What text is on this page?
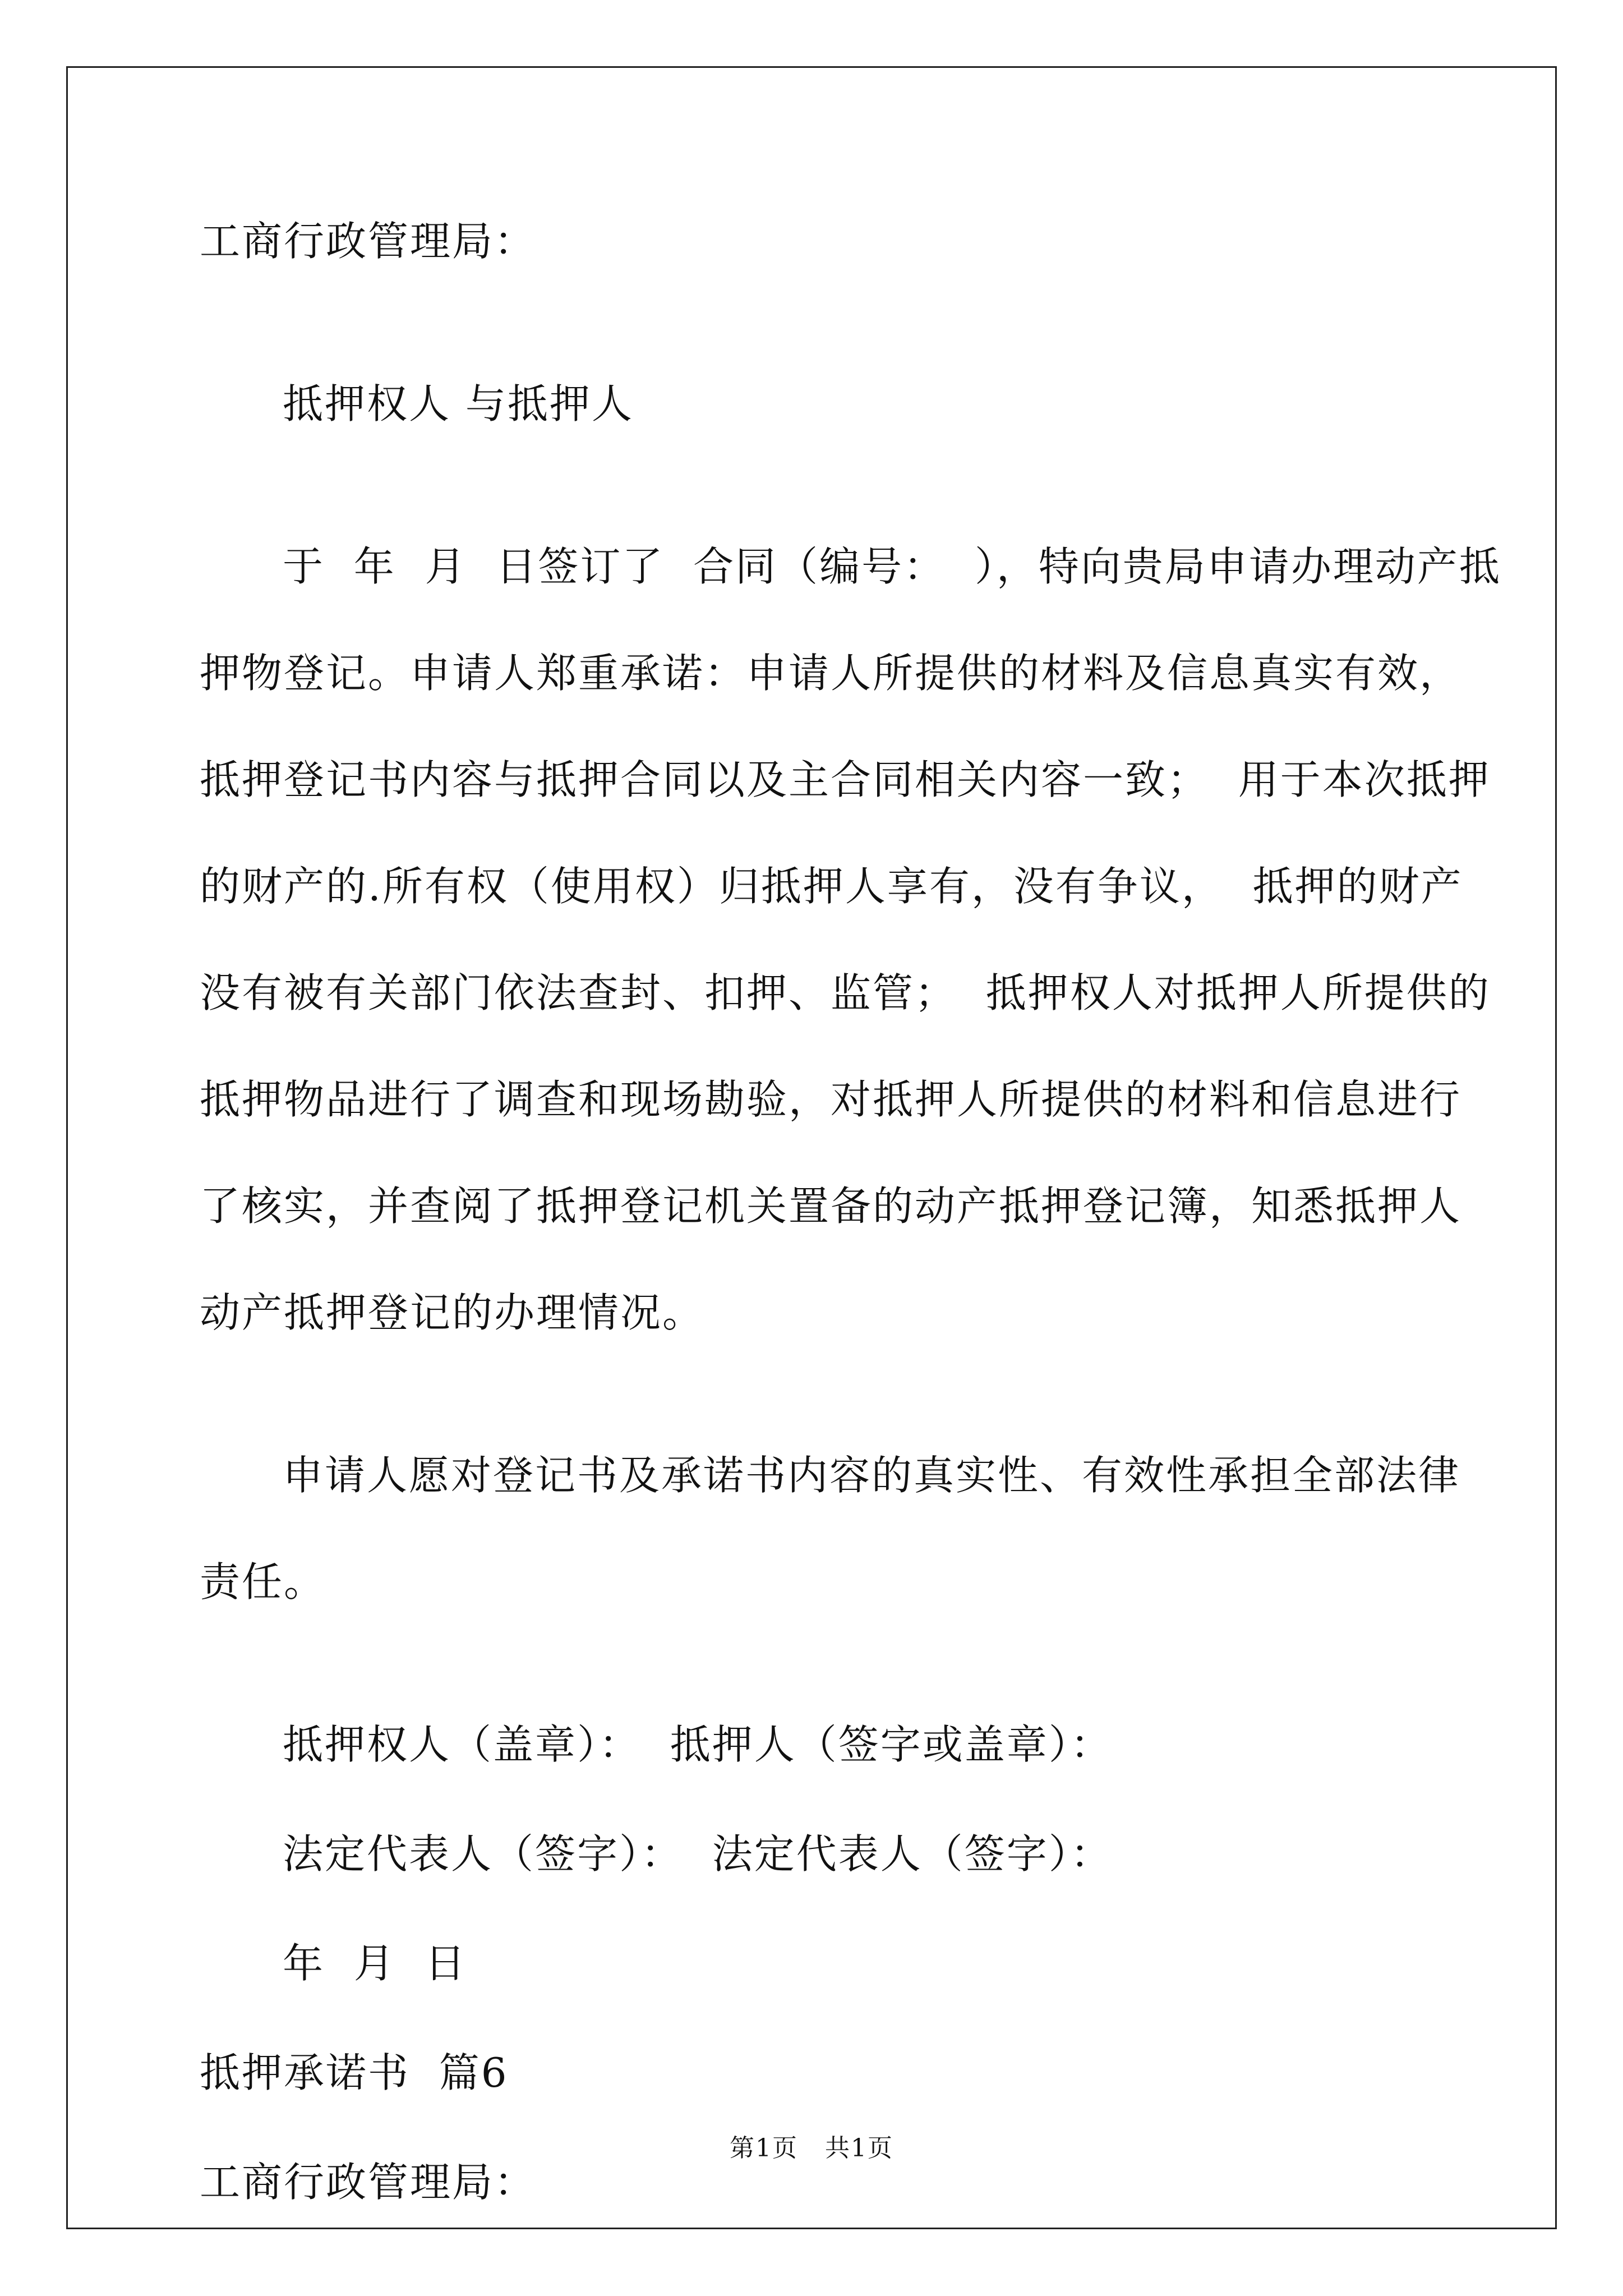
工商行政管理局：
抵押权人 与抵押人
于  年  月  日签订了  合同（编号：  ），特向贵局申请办理动产抵
押物登记。申请人郑重承诺：申请人所提供的材料及信息真实有效，
抵押登记书内容与抵押合同以及主合同相关内容一致；  用于本次抵押
的财产的.所有权（使用权）归抵押人享有，没有争议，  抵押的财产
没有被有关部门依法查封、扣押、监管；  抵押权人对抵押人所提供的
抵押物品进行了调查和现场勘验，对抵押人所提供的材料和信息进行
了核实，并查阅了抵押登记机关置备的动产抵押登记簿，知悉抵押人
动产抵押登记的办理情况。
申请人愿对登记书及承诺书内容的真实性、有效性承担全部法律
责任。
抵押权人（盖章）：  抵押人（签字或盖章）：
法定代表人（签字）：  法定代表人（签字）：
年  月  日
抵押承诺书  篇6
工商行政管理局：
第1页   共1页
